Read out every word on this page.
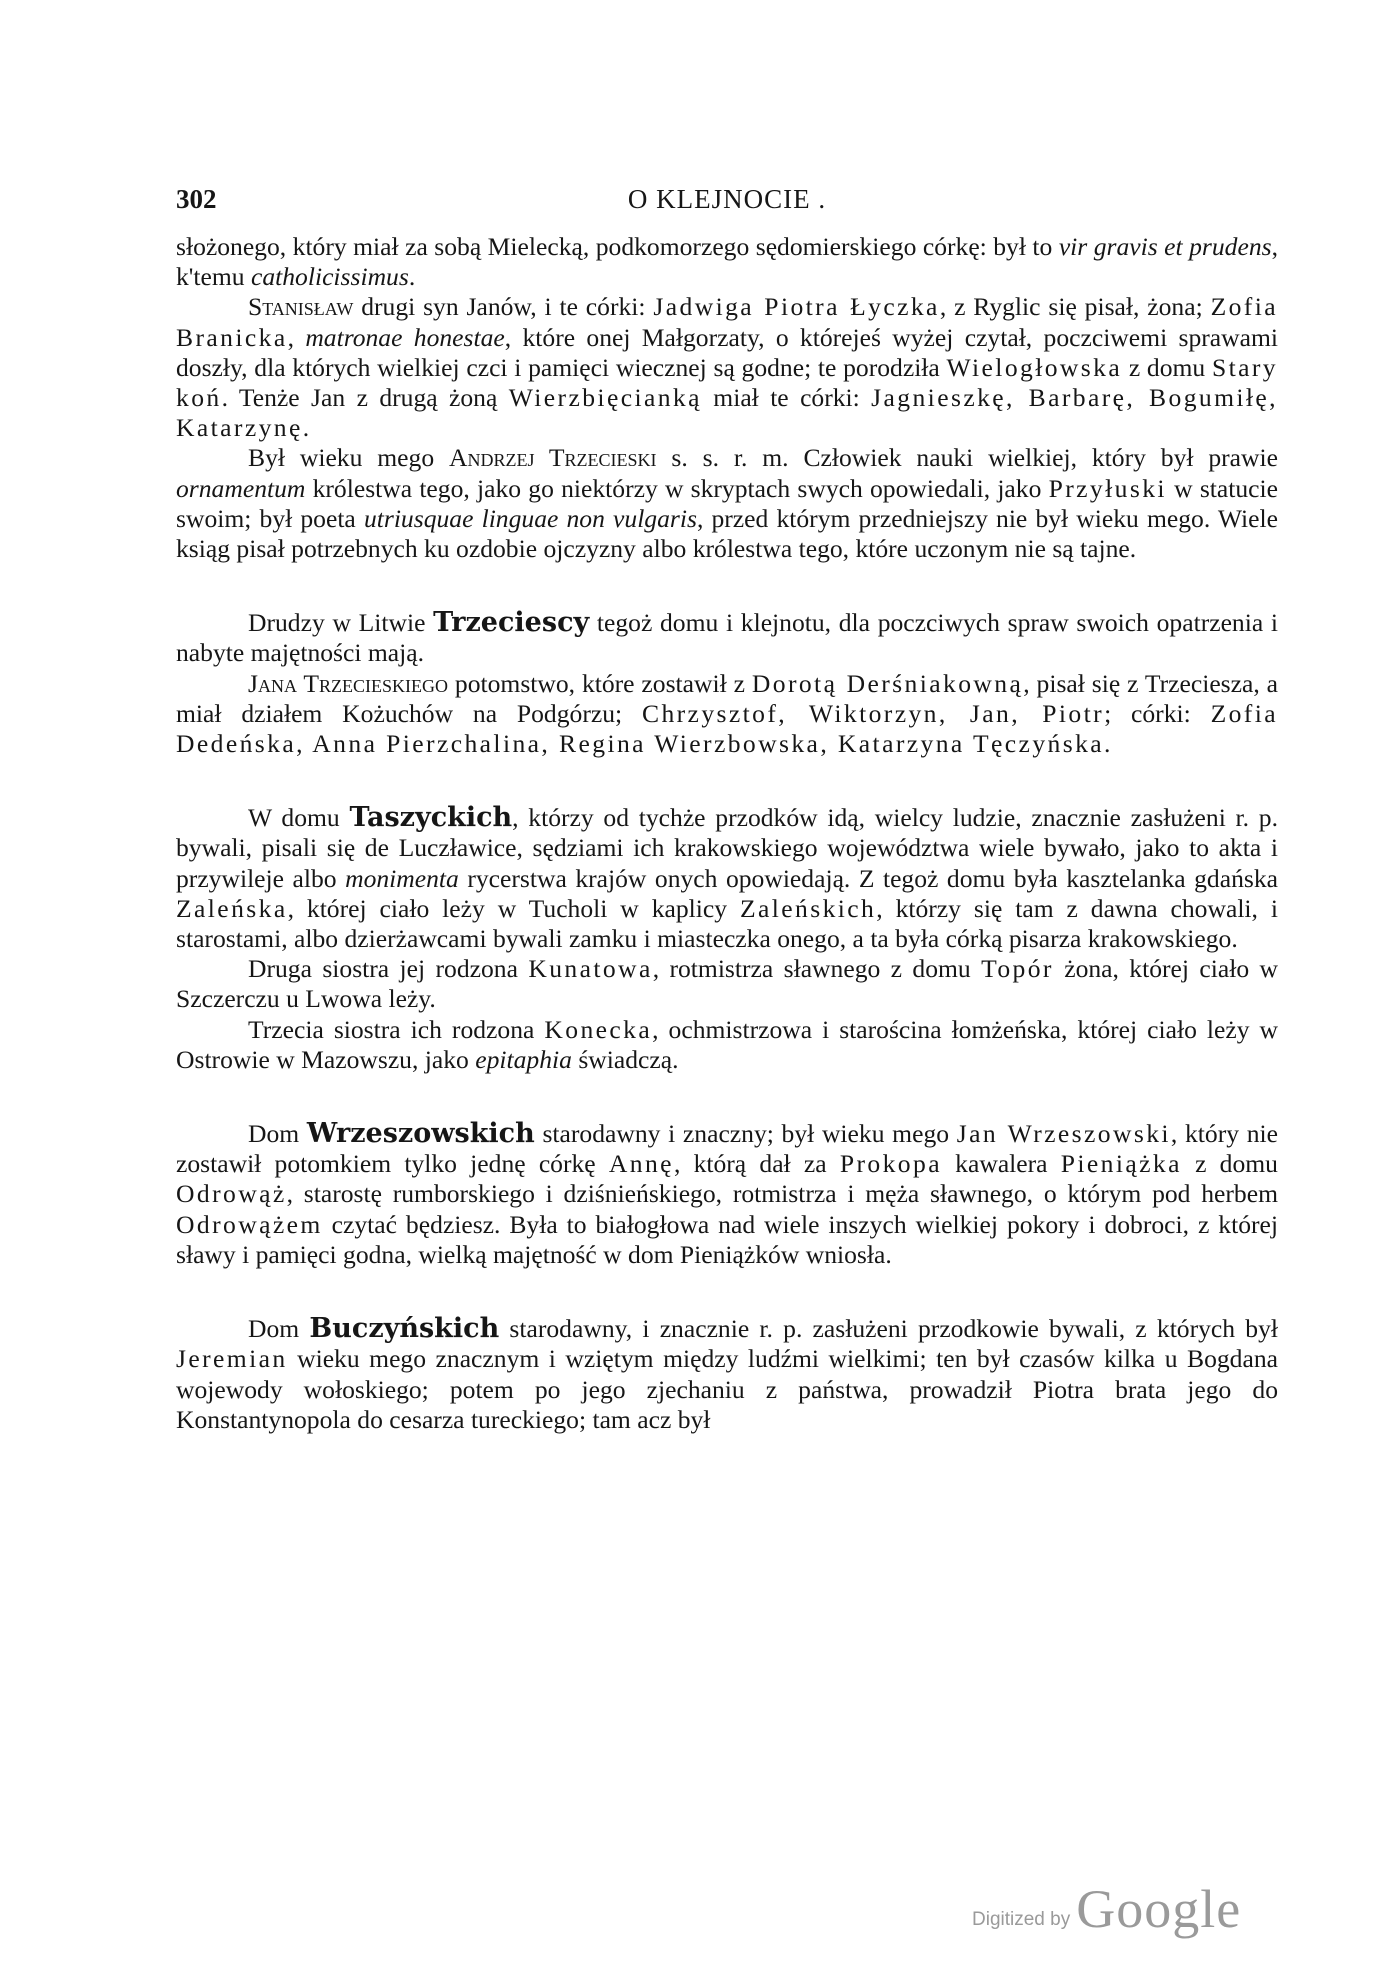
302	O KLEJNOCIE .

słożonego, który miał za sobą Mielecką, podkomorzego sędomierskiego córkę: był to vir gravis et prudens, k'temu catholicissimus.

Stanisław drugi syn Janów, i te córki: Jadwiga Piotra Łyczka, z Ryglic się pisał, żona; Zofia Branicka, matronae honestae, które onej Małgorzaty, o którejeś wyżej czytał, poczciwemi sprawami doszły, dla których wielkiej czci i pamięci wiecznej są godne; te porodziła Wielogłowska z domu Stary koń. Tenże Jan z drugą żoną Wierzbięcianką miał te córki: Jagnieszkę, Barbarę, Bogumiłę, Katarzynę.

Był wieku mego Andrzej Trzecieski s. s. r. m. Człowiek nauki wielkiej, który był prawie ornamentum królestwa tego, jako go niektórzy w skryptach swych opowiedali, jako Przyłuski w statucie swoim; był poeta utriusquae linguae non vulgaris, przed którym przedniejszy nie był wieku mego. Wiele ksiąg pisał potrzebnych ku ozdobie ojczyzny albo królestwa tego, które uczonym nie są tajne.

Drudzy w Litwie Trzeciescy tegoż domu i klejnotu, dla poczciwych spraw swoich opatrzenia i nabyte majętności mają.

Jana Trzecieskiego potomstwo, które zostawił z Dorotą Derśniakowną, pisał się z Trzeciesza, a miał działem Kożuchów na Podgórzu; Chrzysztof, Wiktorzyn, Jan, Piotr; córki: Zofia Dedeńska, Anna Pierzchalina, Regina Wierzbowska, Katarzyna Tęczyńska.

W domu Taszyckich, którzy od tychże przodków idą, wielcy ludzie, znacznie zasłużeni r. p. bywali, pisali się de Luczławice, sędziami ich krakowskiego województwa wiele bywało, jako to akta i przywileje albo monimenta rycerstwa krajów onych opowiedają. Z tegoż domu była kasztelanka gdańska Zaleńska, której ciało leży w Tucholi w kaplicy Zaleńskich, którzy się tam z dawna chowali, i starostami, albo dzierżawcami bywali zamku i miasteczka onego, a ta była córką pisarza krakowskiego.

Druga siostra jej rodzona Kunatowa, rotmistrza sławnego z domu Topór żona, której ciało w Szczerczu u Lwowa leży.

Trzecia siostra ich rodzona Konecka, ochmistrzowa i starościna łomżeńska, której ciało leży w Ostrowie w Mazowszu, jako epitaphia świadczą.

Dom Wrzeszowskich starodawny i znaczny; był wieku mego Jan Wrzeszowski, który nie zostawił potomkiem tylko jednę córkę Annę, którą dał za Prokopa kawalera Pieniążka z domu Odrowąż, starostę rumborskiego i dziśnieńskiego, rotmistrza i męża sławnego, o którym pod herbem Odrowążem czytać będziesz. Była to białogłowa nad wiele inszych wielkiej pokory i dobroci, z której sławy i pamięci godna, wielką majętność w dom Pieniążków wniosła.

Dom Buczyńskich starodawny, i znacznie r. p. zasłużeni przodkowie bywali, z których był Jeremian wieku mego znacznym i wziętym między ludźmi wielkimi; ten był czasów kilka u Bogdana wojewody wołoskiego; potem po jego zjechaniu z państwa, prowadził Piotra brata jego do Konstantynopola do cesarza tureckiego; tam acz był

Digitized by Google
